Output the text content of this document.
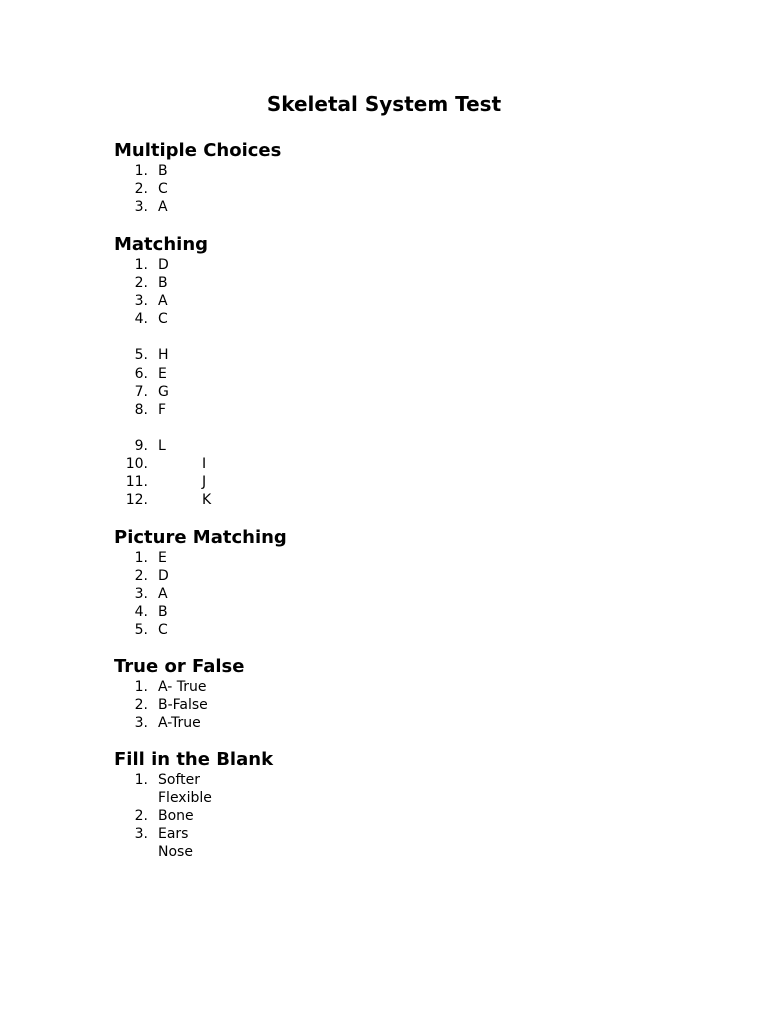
Skeletal System Test
Multiple Choices
1. B
2. C
3. A
Matching
1. D
2. B
3. A
4. C
5. H
6. E
7. G
8. F
9. L
10.	I
11.	J
12.	K
Picture Matching
1. E
2. D
3. A
4. B
5. C
True or False
1. A- True
2. B-False
3. A-True
Fill in the Blank
1. Softer
Flexible
2. Bone
3. Ears
Nose
